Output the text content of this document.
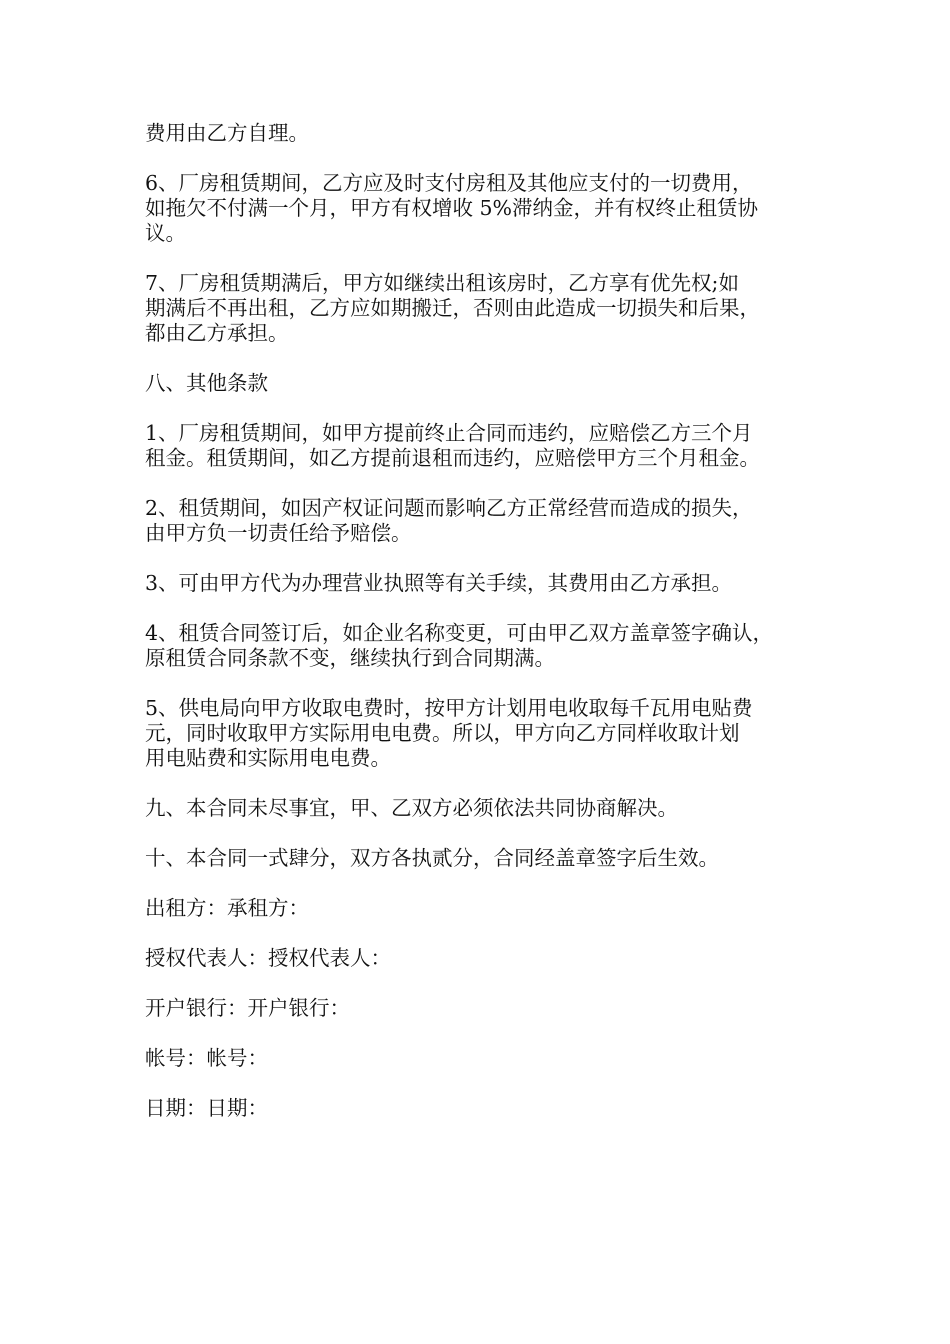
费用由乙方自理。

6、厂房租赁期间，乙方应及时支付房租及其他应支付的一切费用，
如拖欠不付满一个月，甲方有权增收 5%滞纳金，并有权终止租赁协
议。

7、厂房租赁期满后，甲方如继续出租该房时，乙方享有优先权;如
期满后不再出租，乙方应如期搬迁，否则由此造成一切损失和后果，
都由乙方承担。

八、其他条款

1、厂房租赁期间，如甲方提前终止合同而违约，应赔偿乙方三个月
租金。租赁期间，如乙方提前退租而违约，应赔偿甲方三个月租金。

2、租赁期间，如因产权证问题而影响乙方正常经营而造成的损失，
由甲方负一切责任给予赔偿。

3、可由甲方代为办理营业执照等有关手续，其费用由乙方承担。

4、租赁合同签订后，如企业名称变更，可由甲乙双方盖章签字确认，
原租赁合同条款不变，继续执行到合同期满。

5、供电局向甲方收取电费时，按甲方计划用电收取每千瓦用电贴费
元，同时收取甲方实际用电电费。所以，甲方向乙方同样收取计划
用电贴费和实际用电电费。

九、本合同未尽事宜，甲、乙双方必须依法共同协商解决。

十、本合同一式肆分，双方各执贰分，合同经盖章签字后生效。

出租方：承租方：

授权代表人：授权代表人：

开户银行：开户银行：

帐号：帐号：

日期：日期：
